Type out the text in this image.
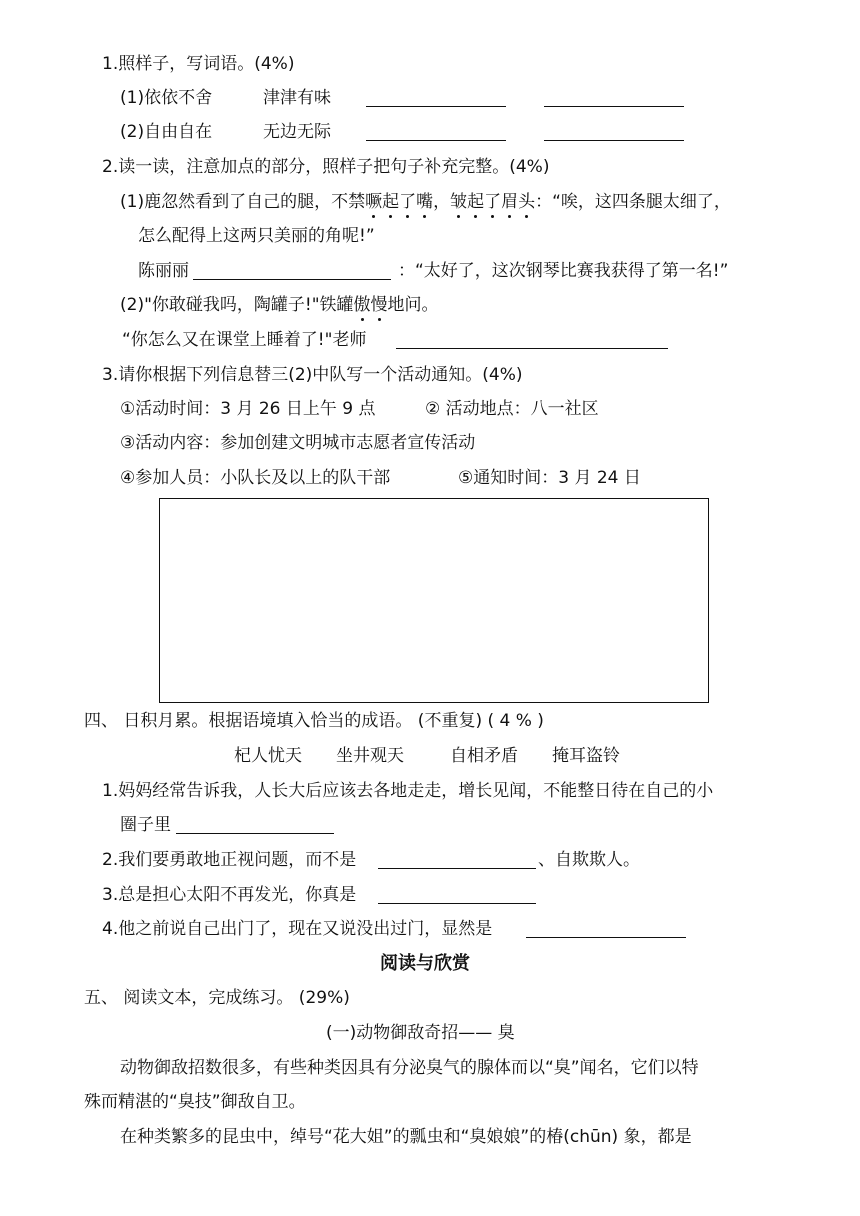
1.照样子，写词语。(4%)
(1)依依不舍	津津有味
(2)自由自在	无边无际
2.读一读，注意加点的部分，照样子把句子补充完整。(4%)
(1)鹿忽然看到了自己的腿，不禁噘起了嘴，皱起了眉头：“唉，这四条腿太细了，
怎么配得上这两只美丽的角呢!”
陈丽丽	：“太好了，这次钢琴比赛我获得了第一名!”
(2)"你敢碰我吗，陶罐子!"铁罐傲慢地问。
“你怎么又在课堂上睡着了!"老师
3.请你根据下列信息替三(2)中队写一个活动通知。(4%)
①活动时间：3 月 26 日上午 9 点	② 活动地点：八一社区
③活动内容：参加创建文明城市志愿者宣传活动
④参加人员：小队长及以上的队干部	⑤通知时间：3 月 24 日
四、 日积月累。根据语境填入恰当的成语。 (不重复) ( 4 % )
杞人忧天 坐井观天	自相矛盾 掩耳盗铃
1.妈妈经常告诉我，人长大后应该去各地走走，增长见闻，不能整日待在自己的小
圈子里
2.我们要勇敢地正视问题，而不是	、自欺欺人。
3.总是担心太阳不再发光，你真是
4.他之前说自己出门了，现在又说没出过门，显然是
阅读与欣赏
五、 阅读文本，完成练习。 (29%)
(一)动物御敌奇招—— 臭
动物御敌招数很多，有些种类因具有分泌臭气的腺体而以“臭”闻名，它们以特
殊而精湛的“臭技”御敌自卫。
在种类繁多的昆虫中，绰号“花大姐”的瓢虫和“臭娘娘”的椿(chūn) 象，都是
